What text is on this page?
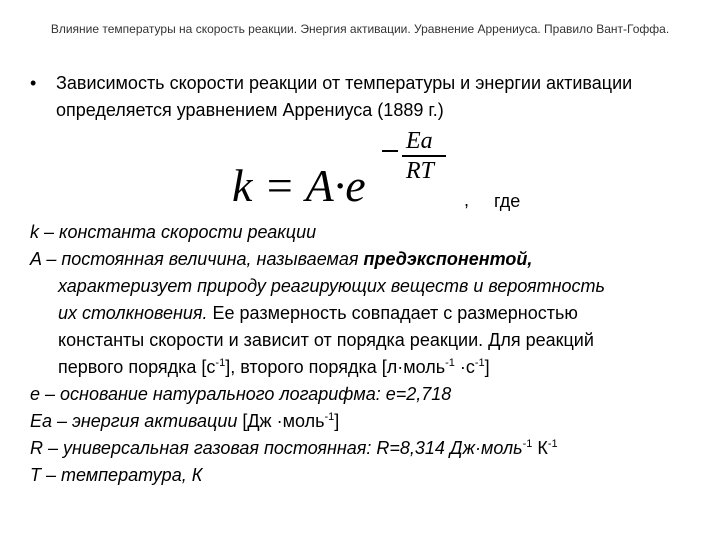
Влияние температуры на скорость реакции. Энергия активации. Уравнение Аррениуса. Правило Вант-Гоффа.
•	Зависимость скорости реакции от температуры и энергии активации определяется уравнением Аррениуса (1889 г.)
k = A·e
Ea
RT
, где

k – константа скорости реакции

A – постоянная величина, называемая предэкспонентой,

характеризует природу реагирующих веществ и вероятность

их столкновения. Ее размерность совпадает с размерностью

константы скорости и зависит от порядка реакции. Для реакций

первого порядка $[с^{-1}]$, второго порядка [л·моль$^{-1}$ $\cdot с^{-1}$]

e – основание натурального логарифма: e=2,718

Ea – энергия активации [Дж ·моль$^{-1}$]

R – универсальная газовая постоянная: R=8,314 Дж·моль$^{-1}$ $К^{-1}$

T – температура, К
